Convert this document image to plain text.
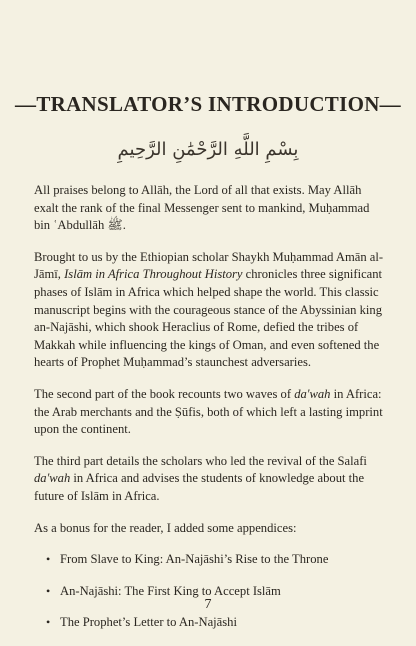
—TRANSLATOR’S INTRODUCTION—
بِسْمِ اللَّهِ الرَّحْمَٰنِ الرَّحِيمِ

All praises belong to Allāh, the Lord of all that exists. May Allāh exalt the rank of the final Messenger sent to mankind, Muḥammad bin ʿAbdullāh ﷺ.

Brought to us by the Ethiopian scholar Shaykh Muḥammad Amān al-Jāmī, Islām in Africa Throughout History chronicles three significant phases of Islām in Africa which helped shape the world. This classic manuscript begins with the courageous stance of the Abyssinian king an-Najāshi, which shook Heraclius of Rome, defied the tribes of Makkah while influencing the kings of Oman, and even softened the hearts of Prophet Muḥammad’s staunchest adversaries.

The second part of the book recounts two waves of da'wah in Africa: the Arab merchants and the Ṣūfis, both of which left a lasting imprint upon the continent.

The third part details the scholars who led the revival of the Salafi da'wah in Africa and advises the students of knowledge about the future of Islām in Africa.

As a bonus for the reader, I added some appendices:

• From Slave to King: An-Najāshi’s Rise to the Throne
• An-Najāshi: The First King to Accept Islām
• The Prophet’s Letter to An-Najāshi
7
